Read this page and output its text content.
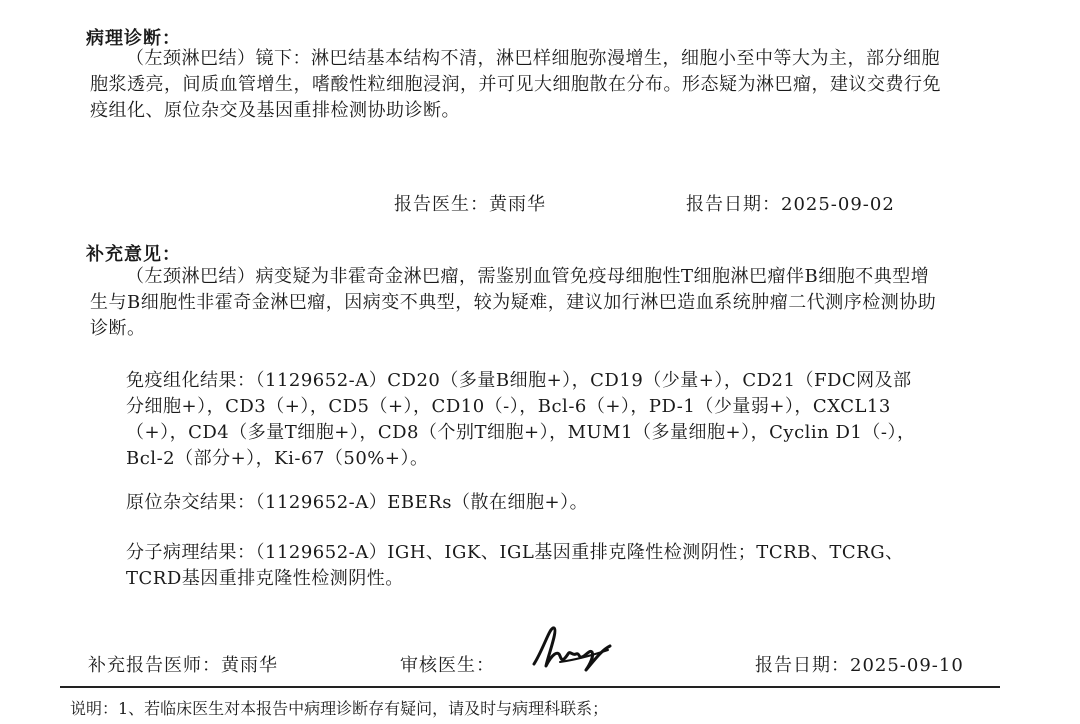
病理诊断：

（左颈淋巴结）镜下：淋巴结基本结构不清，淋巴样细胞弥漫增生，细胞小至中等大为主，部分细胞胞浆透亮，间质血管增生，嗜酸性粒细胞浸润，并可见大细胞散在分布。形态疑为淋巴瘤，建议交费行免疫组化、原位杂交及基因重排检测协助诊断。

报告医生：黄雨华	报告日期：2025-09-02
补充意见：

（左颈淋巴结）病变疑为非霍奇金淋巴瘤，需鉴别血管免疫母细胞性T细胞淋巴瘤伴B细胞不典型增生与B细胞性非霍奇金淋巴瘤，因病变不典型，较为疑难，建议加行淋巴造血系统肿瘤二代测序检测协助诊断。

免疫组化结果：（1129652-A）CD20（多量B细胞+），CD19（少量+），CD21（FDC网及部分细胞+），CD3（+），CD5（+），CD10（-），Bcl-6（+），PD-1（少量弱+），CXCL13（+），CD4（多量T细胞+），CD8（个别T细胞+），MUM1（多量细胞+），Cyclin D1（-），Bcl-2（部分+），Ki-67（50%+）。

原位杂交结果：（1129652-A）EBERs（散在细胞+）。

分子病理结果：（1129652-A）IGH、IGK、IGL基因重排克隆性检测阴性；TCRB、TCRG、TCRD基因重排克隆性检测阴性。

补充报告医师：黄雨华	审核医生：	报告日期：2025-09-10
说明：1、若临床医生对本报告中病理诊断存有疑问，请及时与病理科联系；
